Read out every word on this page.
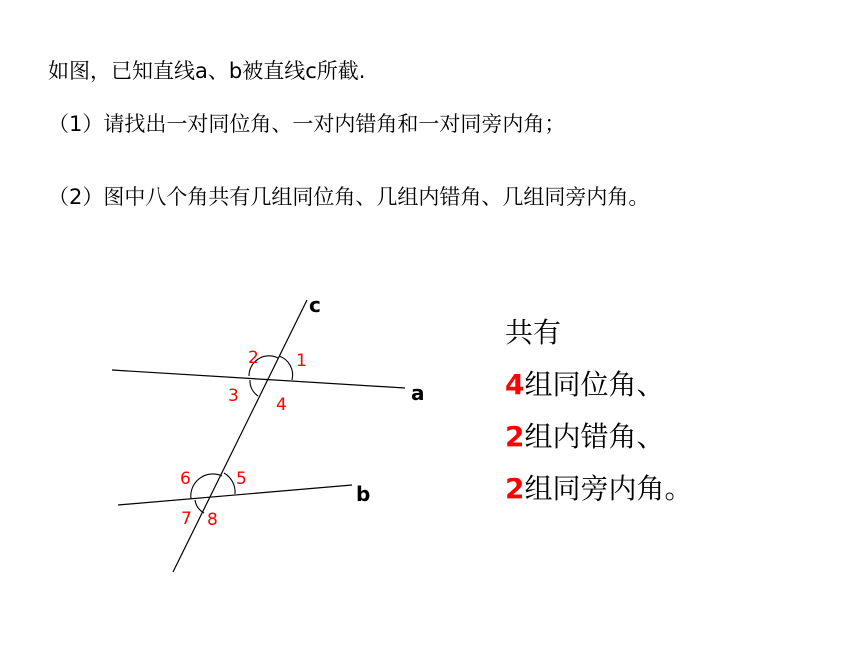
如图，已知直线a、b被直线c所截.
（1）请找出一对同位角、一对内错角和一对同旁内角；
（2）图中八个角共有几组同位角、几组内错角、几组同旁内角。
c
a
b
1
2
3 4
5
6
7 8
共有
4组同位角、
2组内错角、
2组同旁内角。
